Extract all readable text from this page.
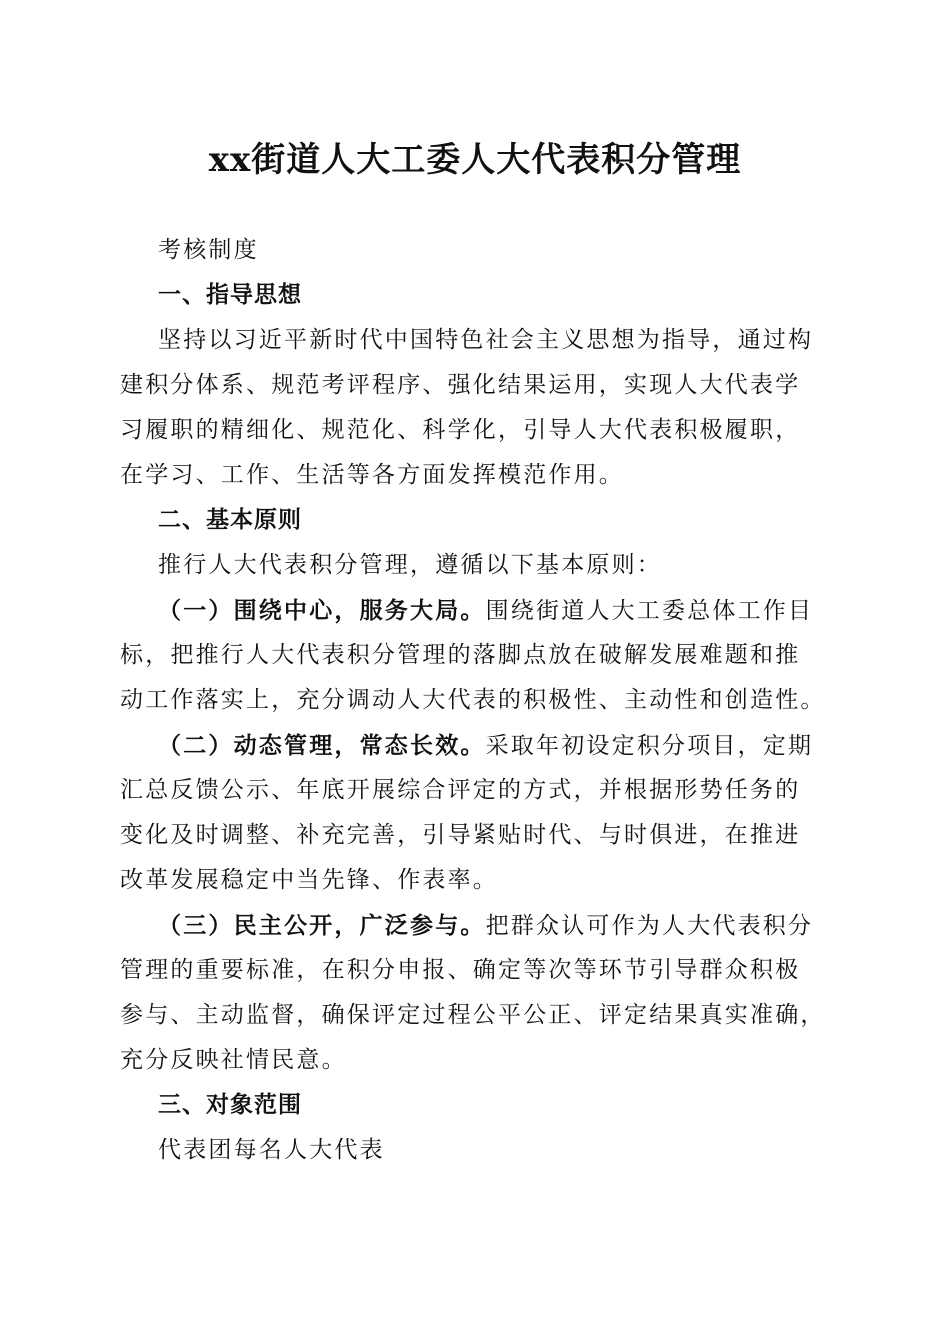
xx街道人大工委人大代表积分管理

考核制度

一、指导思想

坚持以习近平新时代中国特色社会主义思想为指导，通过构

建积分体系、规范考评程序、强化结果运用，实现人大代表学

习履职的精细化、规范化、科学化，引导人大代表积极履职，

在学习、工作、生活等各方面发挥模范作用。

二、基本原则

推行人大代表积分管理，遵循以下基本原则：

（一）围绕中心，服务大局。围绕街道人大工委总体工作目

标，把推行人大代表积分管理的落脚点放在破解发展难题和推

动工作落实上，充分调动人大代表的积极性、主动性和创造性。

（二）动态管理，常态长效。采取年初设定积分项目，定期

汇总反馈公示、年底开展综合评定的方式，并根据形势任务的

变化及时调整、补充完善，引导紧贴时代、与时俱进，在推进

改革发展稳定中当先锋、作表率。

（三）民主公开，广泛参与。把群众认可作为人大代表积分

管理的重要标准，在积分申报、确定等次等环节引导群众积极

参与、主动监督，确保评定过程公平公正、评定结果真实准确，

充分反映社情民意。

三、对象范围

代表团每名人大代表
